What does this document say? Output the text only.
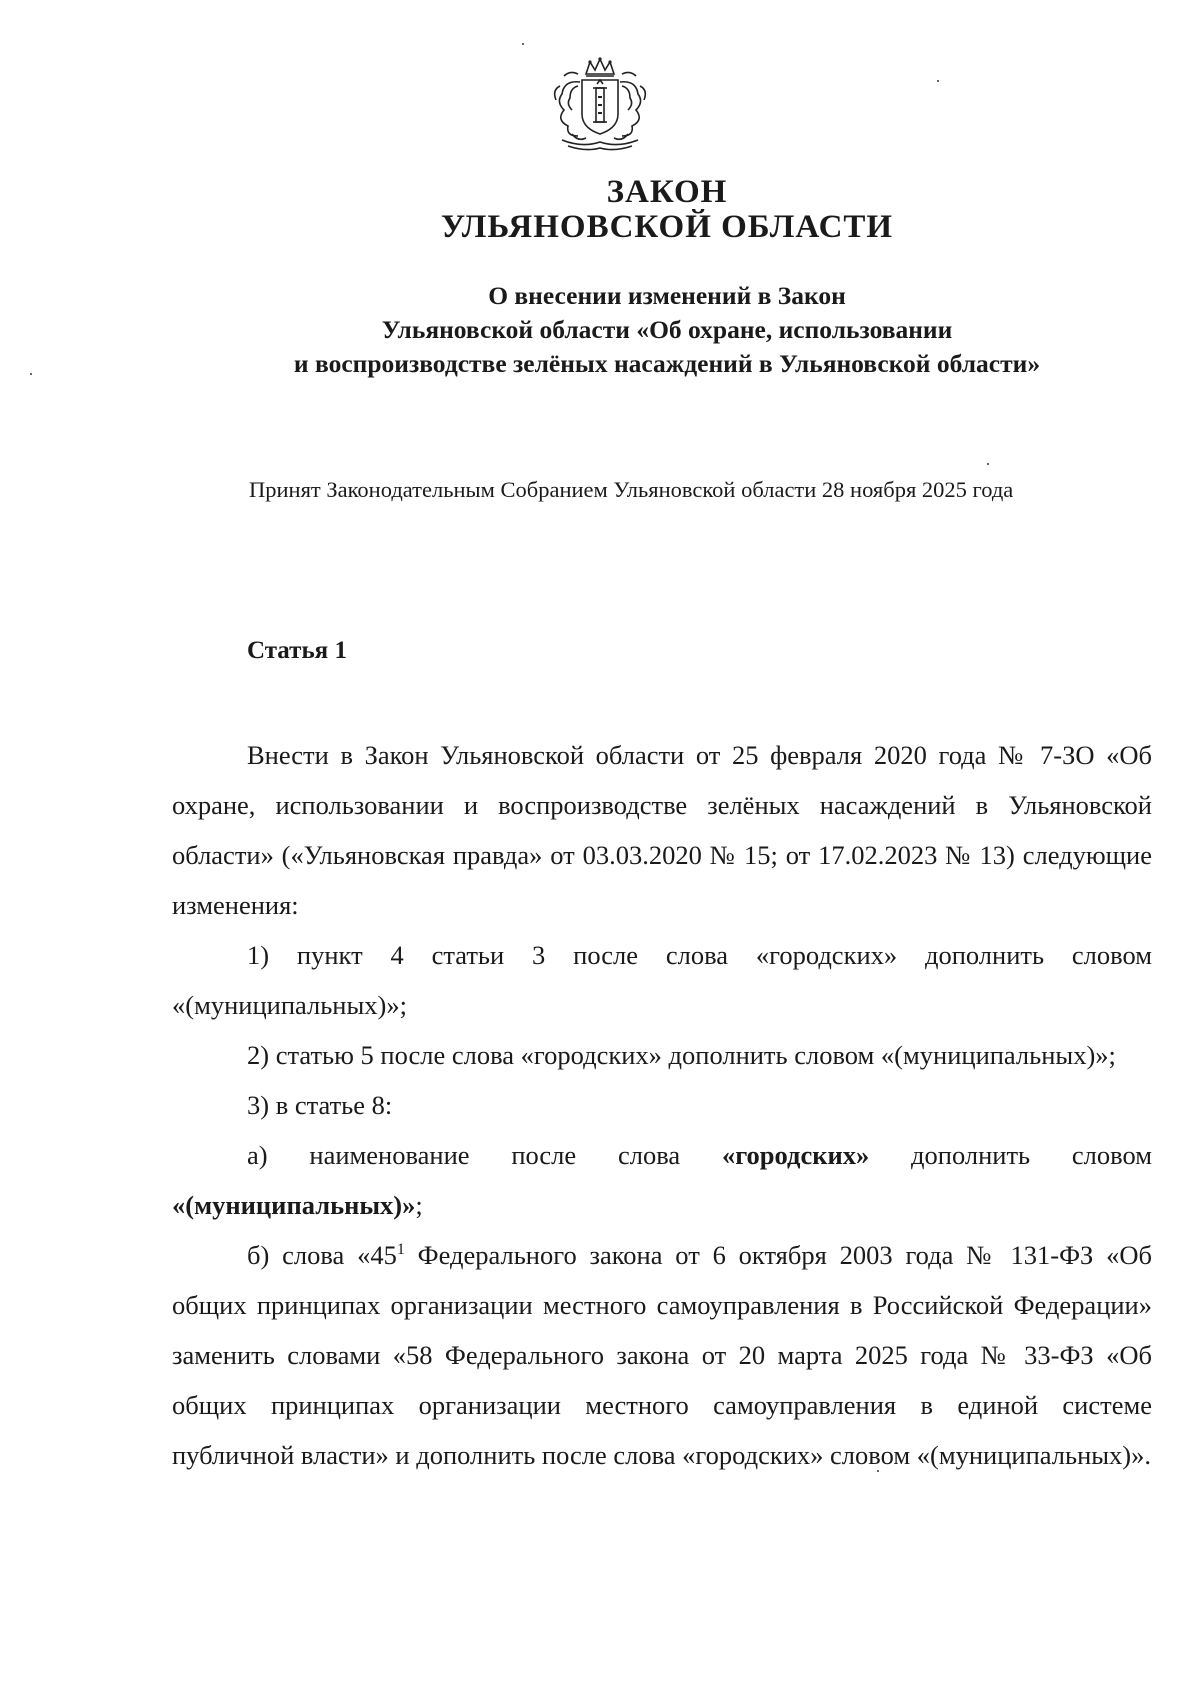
ЗАКОН
УЛЬЯНОВСКОЙ ОБЛАСТИ
О внесении изменений в Закон
Ульяновской области «Об охране, использовании
и воспроизводстве зелёных насаждений в Ульяновской области»
Принят Законодательным Собранием Ульяновской области 28 ноября 2025 года
Статья 1

Внести в Закон Ульяновской области от 25 февраля 2020 года № 7-ЗО «Об охране, использовании и воспроизводстве зелёных насаждений в Ульяновской области» («Ульяновская правда» от 03.03.2020 № 15; от 17.02.2023 № 13) следующие изменения:

1) пункт 4 статьи 3 после слова «городских» дополнить словом «(муниципальных)»;

2) статью 5 после слова «городских» дополнить словом «(муниципальных)»;

3) в статье 8:

а) наименование после слова «городских» дополнить словом «(муниципальных)»;

б) слова «$45^1$ Федерального закона от 6 октября 2003 года № 131-ФЗ «Об общих принципах организации местного самоуправления в Российской Федерации» заменить словами «58 Федерального закона от 20 марта 2025 года № 33-ФЗ «Об общих принципах организации местного самоуправления в единой системе публичной власти» и дополнить после слова «городских» словом «(муниципальных)».
